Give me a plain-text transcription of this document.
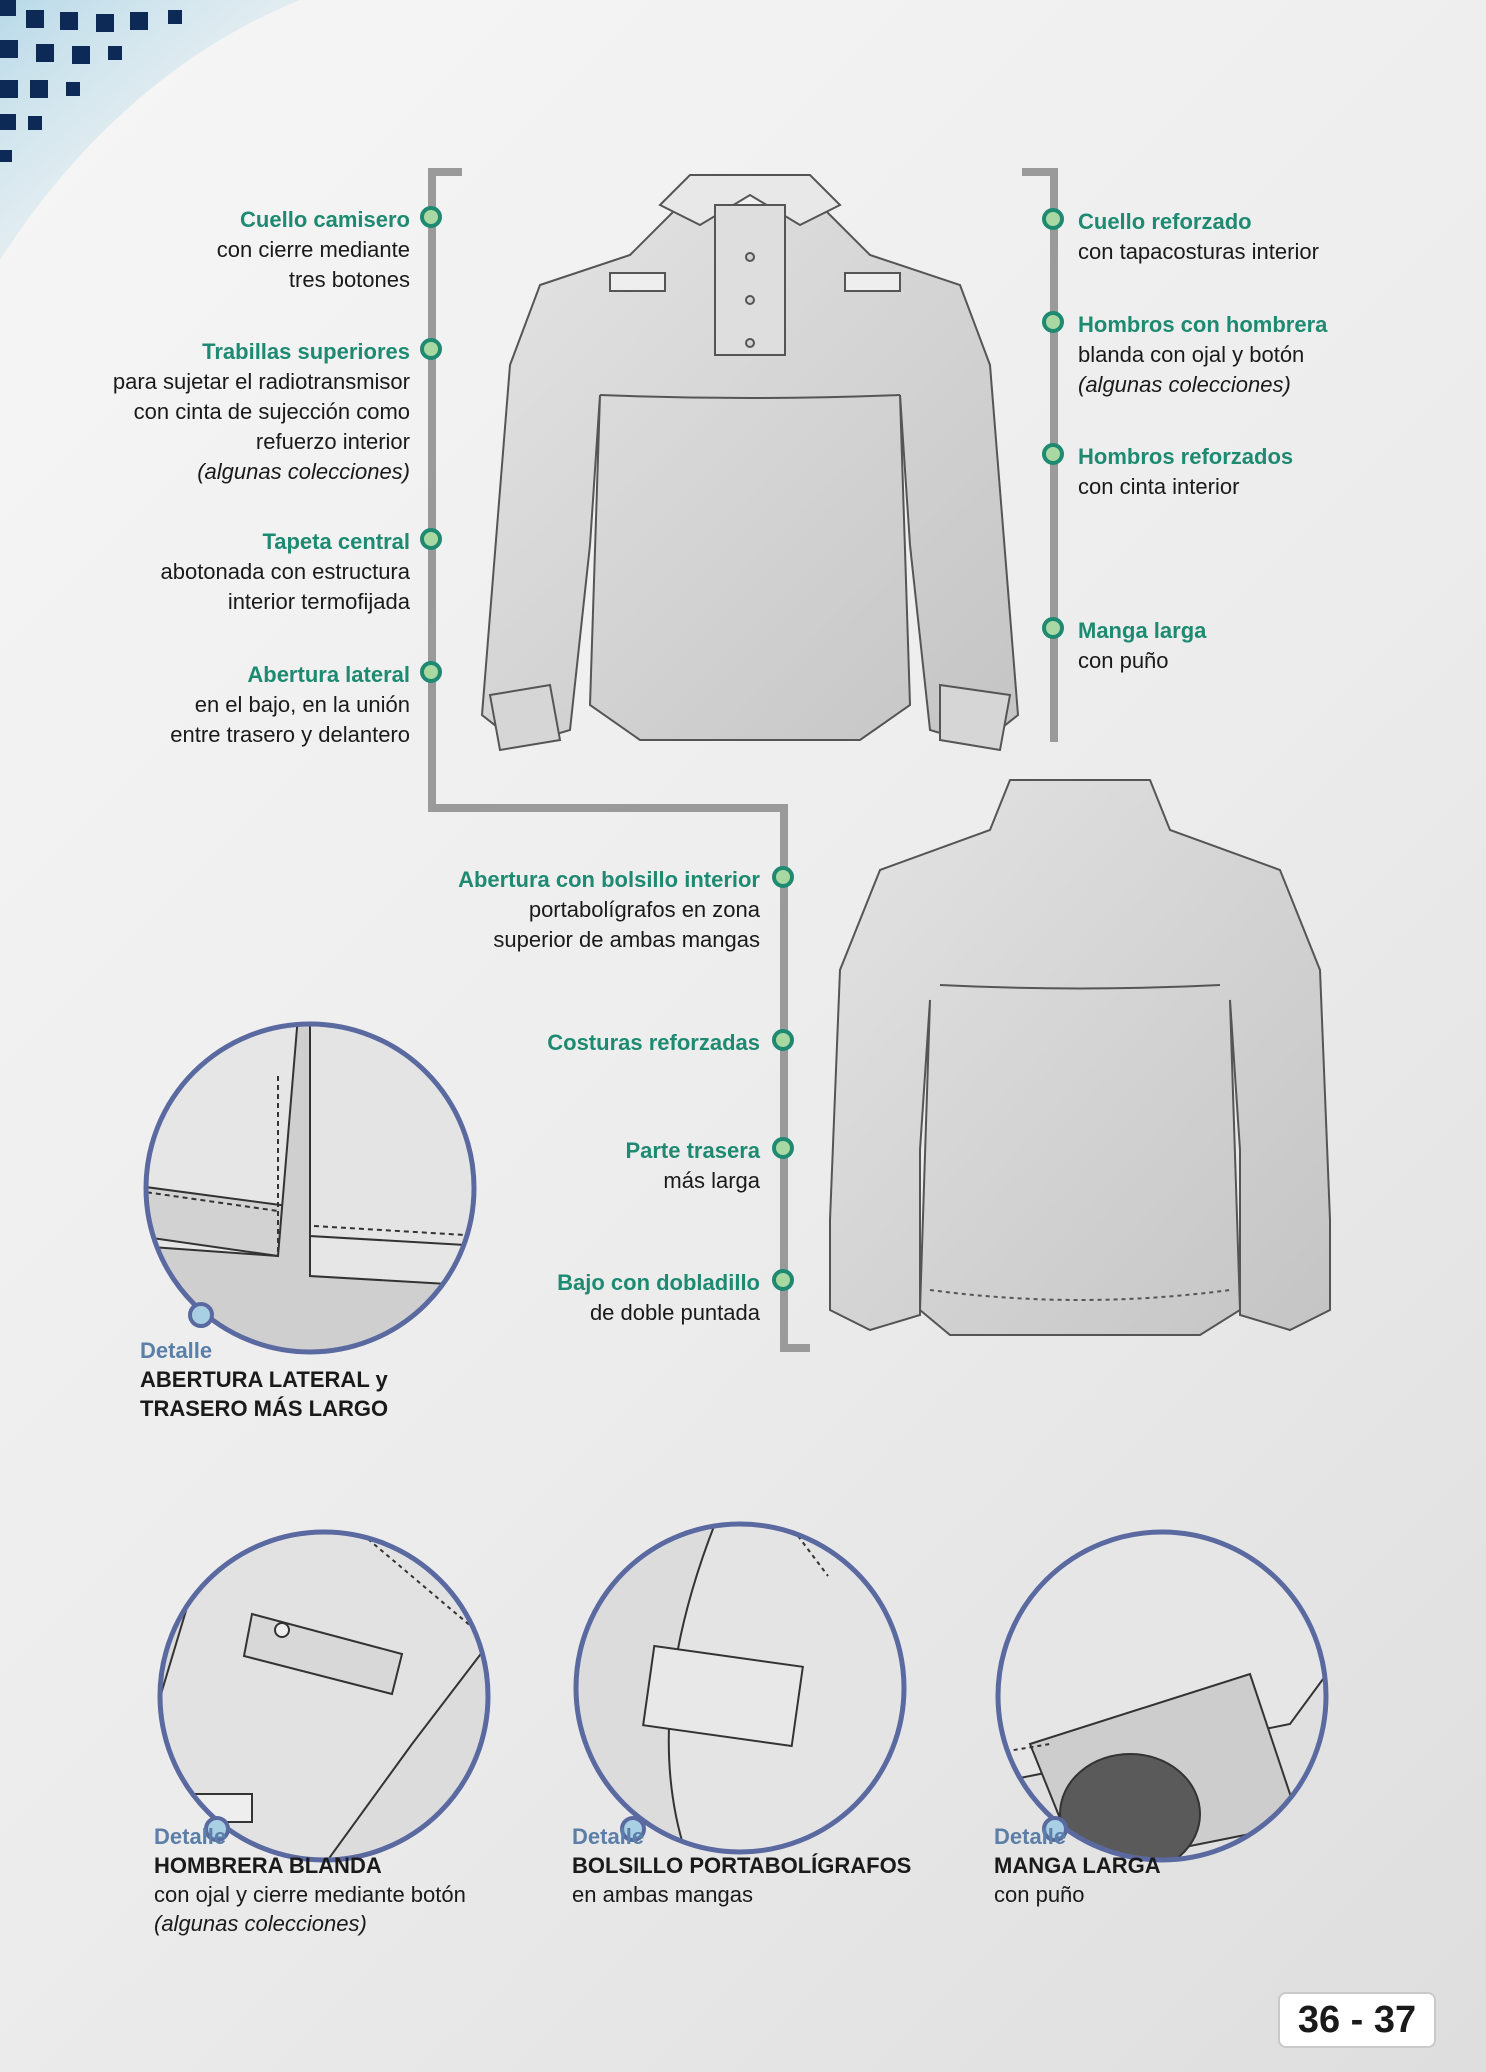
Cuello camisero
con cierre mediante
tres botones
Trabillas superiores
para sujetar el radiotransmisor
con cinta de sujección como
refuerzo interior
(algunas colecciones)
Tapeta central
abotonada con estructura
interior termofijada
Abertura lateral
en el bajo, en la unión
entre trasero y delantero
Cuello reforzado
con tapacosturas interior
Hombros con hombrera
blanda con ojal y botón
(algunas colecciones)
Hombros reforzados
con cinta interior
Manga larga
con puño
Abertura con bolsillo interior
portabolígrafos en zona
superior de ambas mangas
Costuras reforzadas
Parte trasera
más larga
Bajo con dobladillo
de doble puntada
Detalle
ABERTURA LATERAL y
TRASERO MÁS LARGO
Detalle
HOMBRERA BLANDA
con ojal y cierre mediante botón
(algunas colecciones)
Detalle
BOLSILLO PORTABOLÍGRAFOS
en ambas mangas
Detalle
MANGA LARGA
con puño
36 - 37
